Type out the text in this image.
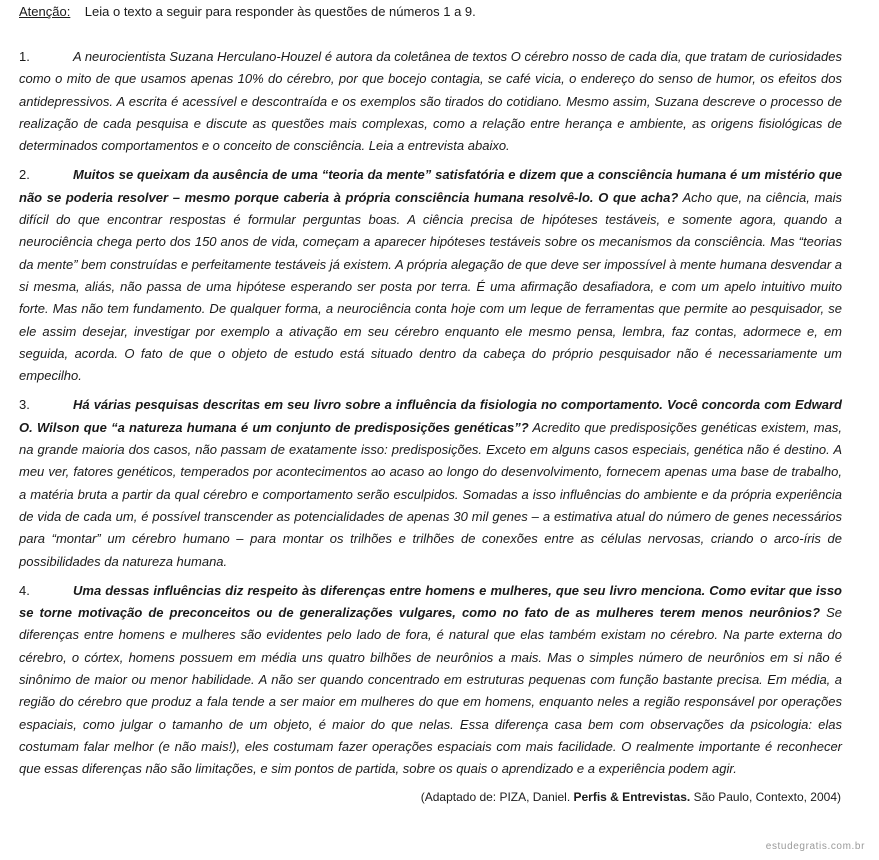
Atenção: Leia o texto a seguir para responder às questões de números 1 a 9.

1.	A neurocientista Suzana Herculano-Houzel é autora da coletânea de textos O cérebro nosso de cada dia, que tratam de curiosidades como o mito de que usamos apenas 10% do cérebro, por que bocejo contagia, se café vicia, o endereço do senso de humor, os efeitos dos antidepressivos. A escrita é acessível e descontraída e os exemplos são tirados do cotidiano. Mesmo assim, Suzana descreve o processo de realização de cada pesquisa e discute as questões mais complexas, como a relação entre herança e ambiente, as origens fisiológicas de determinados comportamentos e o conceito de consciência. Leia a entrevista abaixo.

2.	Muitos se queixam da ausência de uma “teoria da mente” satisfatória e dizem que a consciência humana é um mistério que não se poderia resolver – mesmo porque caberia à própria consciência humana resolvê-lo. O que acha? Acho que, na ciência, mais difícil do que encontrar respostas é formular perguntas boas. A ciência precisa de hipóteses testáveis, e somente agora, quando a neurociência chega perto dos 150 anos de vida, começam a aparecer hipóteses testáveis sobre os mecanismos da consciência. Mas “teorias da mente” bem construídas e perfeitamente testáveis já existem. A própria alegação de que deve ser impossível à mente humana desvendar a si mesma, aliás, não passa de uma hipótese esperando ser posta por terra. É uma afirmação desafiadora, e com um apelo intuitivo muito forte. Mas não tem fundamento. De qualquer forma, a neurociência conta hoje com um leque de ferramentas que permite ao pesquisador, se ele assim desejar, investigar por exemplo a ativação em seu cérebro enquanto ele mesmo pensa, lembra, faz contas, adormece e, em seguida, acorda. O fato de que o objeto de estudo está situado dentro da cabeça do próprio pesquisador não é necessariamente um empecilho.

3.	Há várias pesquisas descritas em seu livro sobre a influência da fisiologia no comportamento. Você concorda com Edward O. Wilson que “a natureza humana é um conjunto de predisposições genéticas”? Acredito que predisposições genéticas existem, mas, na grande maioria dos casos, não passam de exatamente isso: predisposições. Exceto em alguns casos especiais, genética não é destino. A meu ver, fatores genéticos, temperados por acontecimentos ao acaso ao longo do desenvolvimento, fornecem apenas uma base de trabalho, a matéria bruta a partir da qual cérebro e comportamento serão esculpidos. Somadas a isso influências do ambiente e da própria experiência de vida de cada um, é possível transcender as potencialidades de apenas 30 mil genes – a estimativa atual do número de genes necessários para “montar” um cérebro humano – para montar os trilhões e trilhões de conexões entre as células nervosas, criando o arco-íris de possibilidades da natureza humana.

4.	Uma dessas influências diz respeito às diferenças entre homens e mulheres, que seu livro menciona. Como evitar que isso se torne motivação de preconceitos ou de generalizações vulgares, como no fato de as mulheres terem menos neurônios? Se diferenças entre homens e mulheres são evidentes pelo lado de fora, é natural que elas também existam no cérebro. Na parte externa do cérebro, o córtex, homens possuem em média uns quatro bilhões de neurônios a mais. Mas o simples número de neurônios em si não é sinônimo de maior ou menor habilidade. A não ser quando concentrado em estruturas pequenas com função bastante precisa. Em média, a região do cérebro que produz a fala tende a ser maior em mulheres do que em homens, enquanto neles a região responsável por operações espaciais, como julgar o tamanho de um objeto, é maior do que nelas. Essa diferença casa bem com observações da psicologia: elas costumam falar melhor (e não mais!), eles costumam fazer operações espaciais com mais facilidade. O realmente importante é reconhecer que essas diferenças não são limitações, e sim pontos de partida, sobre os quais o aprendizado e a experiência podem agir.

(Adaptado de: PIZA, Daniel. Perfis & Entrevistas. São Paulo, Contexto, 2004)
estudegratis.com.br
